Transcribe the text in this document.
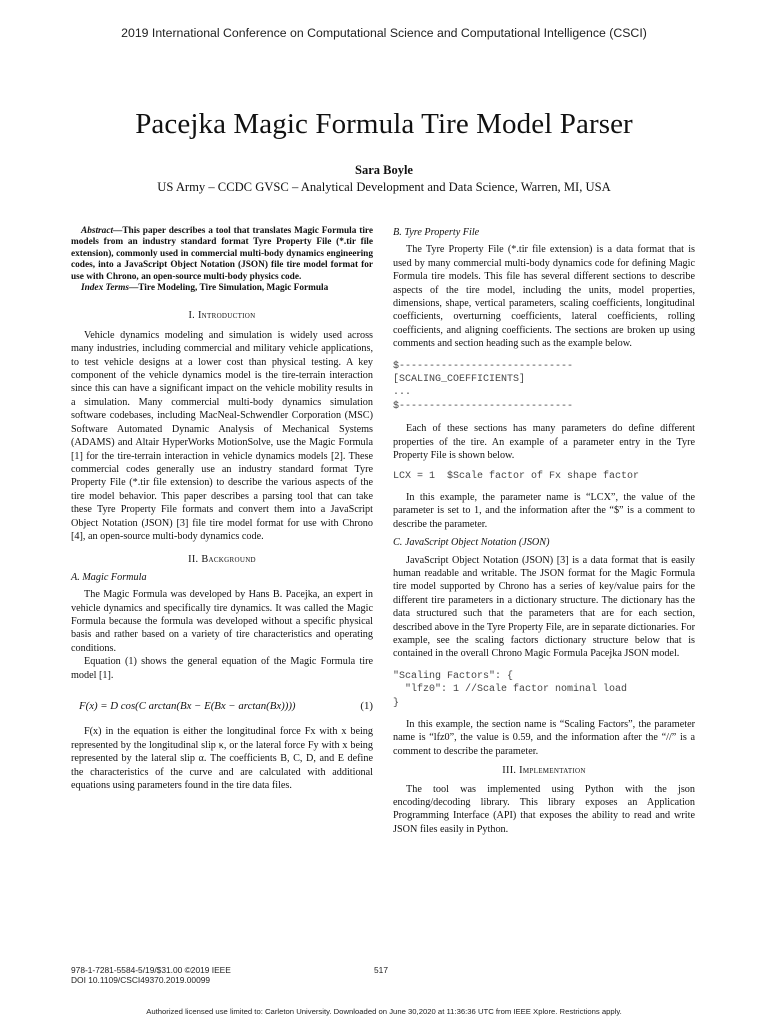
2019 International Conference on Computational Science and Computational Intelligence (CSCI)
Pacejka Magic Formula Tire Model Parser
Sara Boyle
US Army – CCDC GVSC – Analytical Development and Data Science, Warren, MI, USA

Abstract—This paper describes a tool that translates Magic Formula tire models from an industry standard format Tyre Property File (*.tir file extension), commonly used in commercial multi-body dynamics engineering codes, into a JavaScript Object Notation (JSON) file tire model format for use with Chrono, an open-source multi-body physics code.

Index Terms—Tire Modeling, Tire Simulation, Magic Formula

I. Introduction

Vehicle dynamics modeling and simulation is widely used across many industries, including commercial and military vehicle applications, to test vehicle designs at a lower cost than physical testing. A key component of the vehicle dynamics model is the tire-terrain interaction since this can have a significant impact on the vehicle mobility results in a simulation. Many commercial multi-body dynamics simulation software codebases, including MacNeal-Schwendler Corporation (MSC) Software Automated Dynamic Analysis of Mechanical Systems (ADAMS) and Altair HyperWorks MotionSolve, use the Magic Formula [1] for the tire-terrain interaction in vehicle dynamics models [2]. These commercial codes generally use an industry standard format Tyre Property File (*.tir file extension) to describe the various aspects of the tire model behavior. This paper describes a parsing tool that can take these Tyre Property File formats and convert them into a JavaScript Object Notation (JSON) [3] file tire model format for use with Chrono [4], an open-source multi-body dynamics code.

II. Background

A. Magic Formula

The Magic Formula was developed by Hans B. Pacejka, an expert in vehicle dynamics and specifically tire dynamics. It was called the Magic Formula because the formula was developed without a specific physical basis and rather based on a variety of tire characteristics and operating conditions.

Equation (1) shows the general equation of the Magic Formula tire model [1].

F(x) = D cos(C arctan(Bx − E(Bx − arctan(Bx))))	(1)

F(x) in the equation is either the longitudinal force Fx with x being represented by the longitudinal slip κ, or the lateral force Fy with x being represented by the lateral slip α. The coefficients B, C, D, and E define the characteristics of the curve and are calculated with additional equations using parameters found in the tire data files.

B. Tyre Property File

The Tyre Property File (*.tir file extension) is a data format that is used by many commercial multi-body dynamics code for defining Magic Formula tire models. This file has several different sections to describe aspects of the tire model, including the units, model properties, dimensions, shape, vertical parameters, scaling coefficients, longitudinal coefficients, overturning coefficients, lateral coefficients, rolling coefficients, and aligning coefficients. The sections are broken up using comments and section heading such as the example below.

$-----------------------------
[SCALING_COEFFICIENTS]
...
$-----------------------------

Each of these sections has many parameters do define different properties of the tire. An example of a parameter entry in the Tyre Property File is shown below.

LCX = 1  $Scale factor of Fx shape factor

In this example, the parameter name is “LCX”, the value of the parameter is set to 1, and the information after the “$” is a comment to describe the parameter.

C. JavaScript Object Notation (JSON)

JavaScript Object Notation (JSON) [3] is a data format that is easily human readable and writable. The JSON format for the Magic Formula tire model supported by Chrono has a series of key/value pairs for the different tire parameters in a dictionary structure. The dictionary has the data structured such that the parameters that are for each section, described above in the Tyre Property File, are in separate dictionaries. For example, see the scaling factors dictionary structure below that is contained in the overall Chrono Magic Formula Pacejka JSON model.

"Scaling Factors": {
"lfz0": 1 //Scale factor nominal load
}

In this example, the section name is “Scaling Factors”, the parameter name is “lfz0”, the value is 0.59, and the information after the “//” is a comment to describe the parameter.

III. Implementation

The tool was implemented using Python with the json encoding/decoding library. This library exposes an Application Programming Interface (API) that exposes the ability to read and write JSON files easily in Python.

978-1-7281-5584-5/19/$31.00 ©2019 IEEE
DOI 10.1109/CSCI49370.2019.00099
517
Authorized licensed use limited to: Carleton University. Downloaded on June 30,2020 at 11:36:36 UTC from IEEE Xplore. Restrictions apply.
